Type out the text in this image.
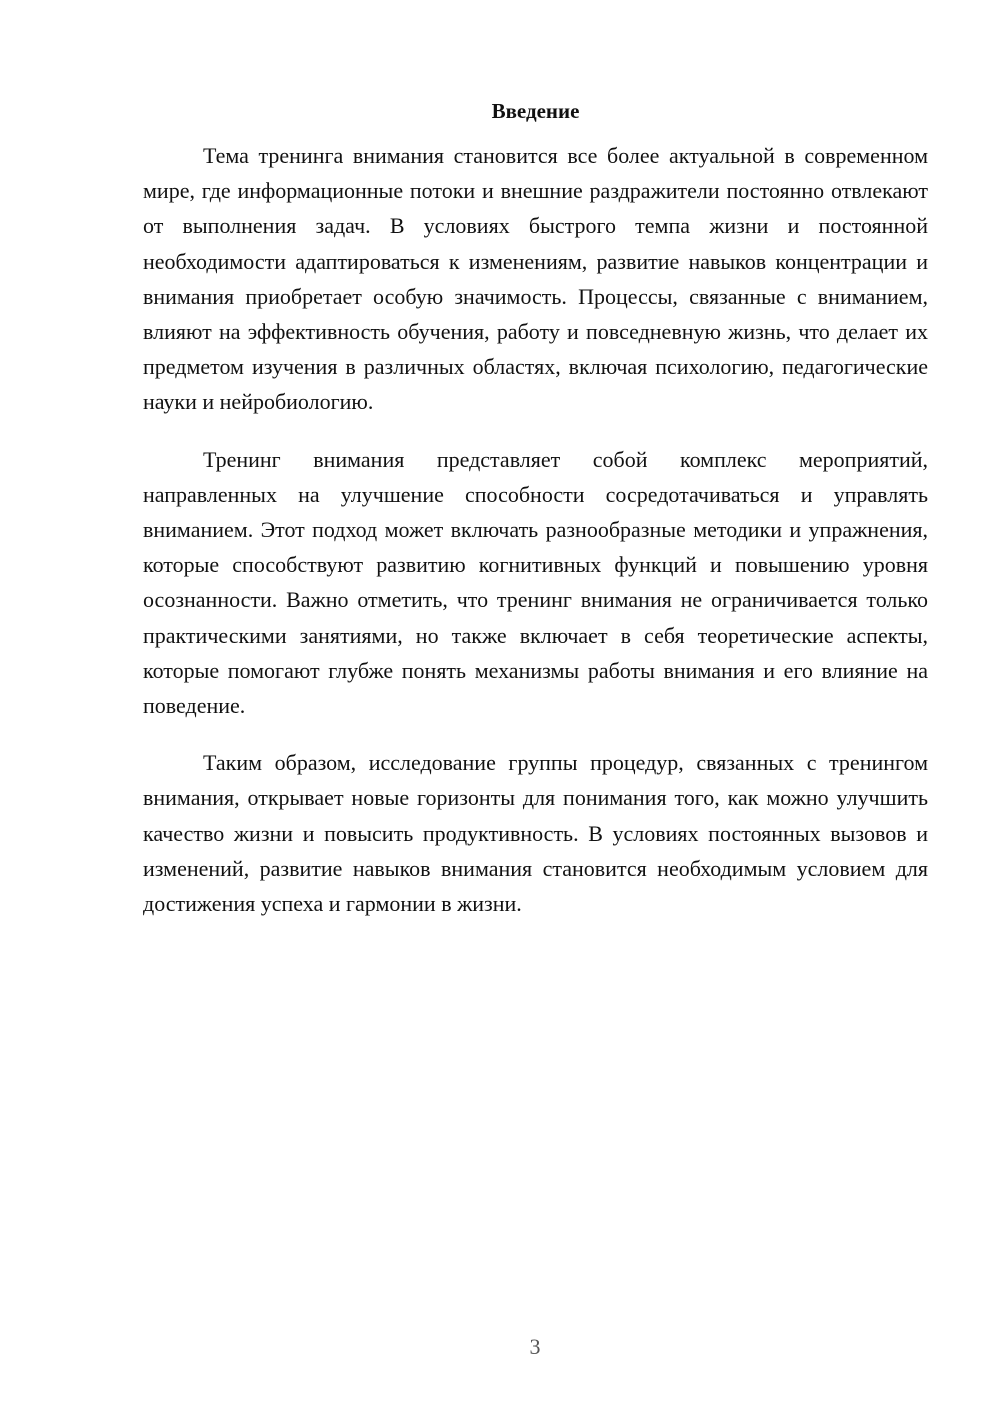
Введение

Тема тренинга внимания становится все более актуальной в современном мире, где информационные потоки и внешние раздражители постоянно отвлекают от выполнения задач. В условиях быстрого темпа жизни и постоянной необходимости адаптироваться к изменениям, развитие навыков концентрации и внимания приобретает особую значимость. Процессы, связанные с вниманием, влияют на эффективность обучения, работу и повседневную жизнь, что делает их предметом изучения в различных областях, включая психологию, педагогические науки и нейробиологию.

Тренинг внимания представляет собой комплекс мероприятий, направленных на улучшение способности сосредотачиваться и управлять вниманием. Этот подход может включать разнообразные методики и упражнения, которые способствуют развитию когнитивных функций и повышению уровня осознанности. Важно отметить, что тренинг внимания не ограничивается только практическими занятиями, но также включает в себя теоретические аспекты, которые помогают глубже понять механизмы работы внимания и его влияние на поведение.

Таким образом, исследование группы процедур, связанных с тренингом внимания, открывает новые горизонты для понимания того, как можно улучшить качество жизни и повысить продуктивность. В условиях постоянных вызовов и изменений, развитие навыков внимания становится необходимым условием для достижения успеха и гармонии в жизни.

3
